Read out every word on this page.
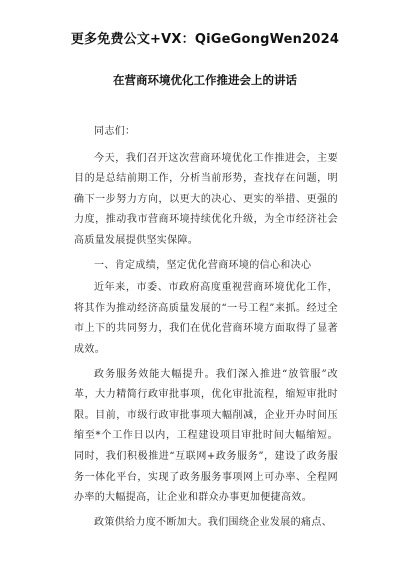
更多免费公文+VX：QiGeGongWen2024
在营商环境优化工作推进会上的讲话

同志们：

今天，我们召开这次营商环境优化工作推进会，主要目的是总结前期工作，分析当前形势，查找存在问题，明确下一步努力方向，以更大的决心、更实的举措、更强的力度，推动我市营商环境持续优化升级，为全市经济社会高质量发展提供坚实保障。

一、肯定成绩，坚定优化营商环境的信心和决心

近年来，市委、市政府高度重视营商环境优化工作，将其作为推动经济高质量发展的“一号工程”来抓。经过全市上下的共同努力，我们在优化营商环境方面取得了显著成效。

政务服务效能大幅提升。我们深入推进“放管服”改革，大力精简行政审批事项，优化审批流程，缩短审批时限。目前，市级行政审批事项大幅削减，企业开办时间压缩至*个工作日以内，工程建设项目审批时间大幅缩短。同时，我们积极推进“互联网+政务服务”，建设了政务服务一体化平台，实现了政务服务事项网上可办率、全程网办率的大幅提高，让企业和群众办事更加便捷高效。

政策供给力度不断加大。我们围绕企业发展的痛点、
